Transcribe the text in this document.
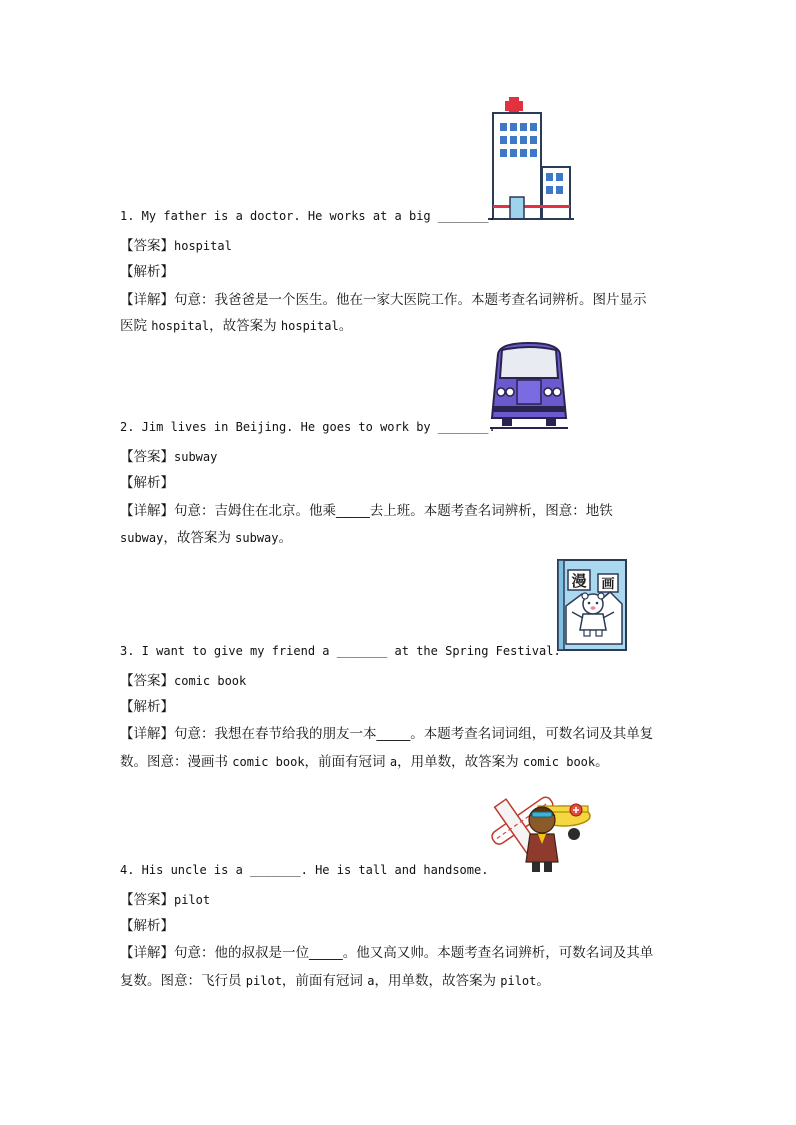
1. My father is a doctor. He works at a big _______.
【答案】hospital
【解析】
【详解】句意：我爸爸是一个医生。他在一家大医院工作。本题考查名词辨析。图片显示
医院 hospital，故答案为 hospital。
2. Jim lives in Beijing. He goes to work by _______.
【答案】subway
【解析】
【详解】句意：吉姆住在北京。他乘_____去上班。本题考查名词辨析，图意：地铁
subway，故答案为 subway。
漫 画
3. I want to give my friend a _______ at the Spring Festival.
【答案】comic book
【解析】
【详解】句意：我想在春节给我的朋友一本_____。本题考查名词词组，可数名词及其单复
数。图意：漫画书 comic book，前面有冠词 a，用单数，故答案为 comic book。
4. His uncle is a _______. He is tall and handsome.
【答案】pilot
【解析】
【详解】句意：他的叔叔是一位_____。他又高又帅。本题考查名词辨析，可数名词及其单
复数。图意：飞行员 pilot，前面有冠词 a，用单数，故答案为 pilot。
